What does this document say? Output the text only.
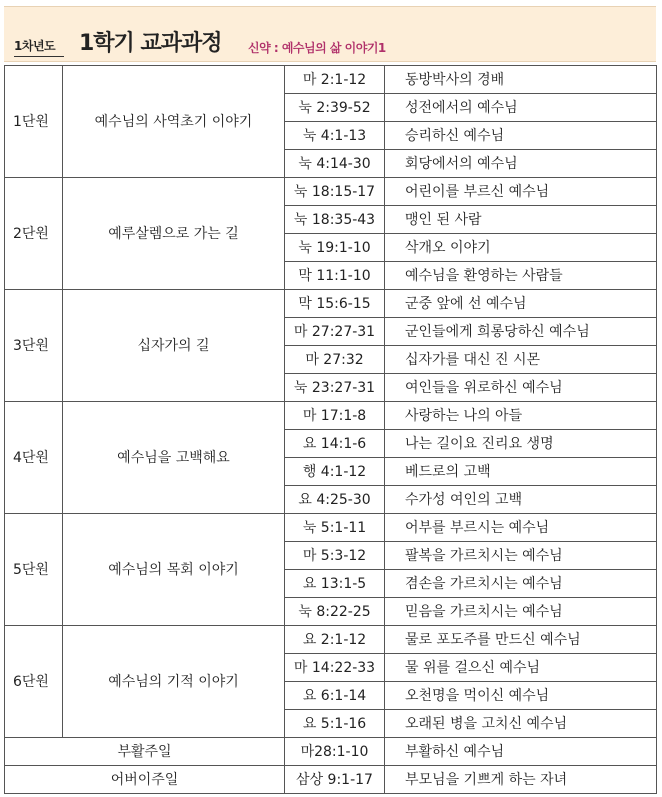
1차년도 1학기 교과과정 신약 : 예수님의 삶 이야기1
1단원	예수님의 사역초기 이야기	마 2:1-12	동방박사의 경배
		눅 2:39-52	성전에서의 예수님
		눅 4:1-13	승리하신 예수님
		눅 4:14-30	회당에서의 예수님
2단원	예루살렘으로 가는 길	눅 18:15-17	어린이를 부르신 예수님
		눅 18:35-43	맹인 된 사람
		눅 19:1-10	삭개오 이야기
		막 11:1-10	예수님을 환영하는 사람들
3단원	십자가의 길	막 15:6-15	군중 앞에 선 예수님
		마 27:27-31	군인들에게 희롱당하신 예수님
		마 27:32	십자가를 대신 진 시몬
		눅 23:27-31	여인들을 위로하신 예수님
4단원	예수님을 고백해요	마 17:1-8	사랑하는 나의 아들
		요 14:1-6	나는 길이요 진리요 생명
		행 4:1-12	베드로의 고백
		요 4:25-30	수가성 여인의 고백
5단원	예수님의 목회 이야기	눅 5:1-11	어부를 부르시는 예수님
		마 5:3-12	팔복을 가르치시는 예수님
		요 13:1-5	겸손을 가르치시는 예수님
		눅 8:22-25	믿음을 가르치시는 예수님
6단원	예수님의 기적 이야기	요 2:1-12	물로 포도주를 만드신 예수님
		마 14:22-33	물 위를 걸으신 예수님
		요 6:1-14	오천명을 먹이신 예수님
		요 5:1-16	오래된 병을 고치신 예수님
부활주일		마28:1-10	부활하신 예수님
어버이주일		삼상 9:1-17	부모님을 기쁘게 하는 자녀
